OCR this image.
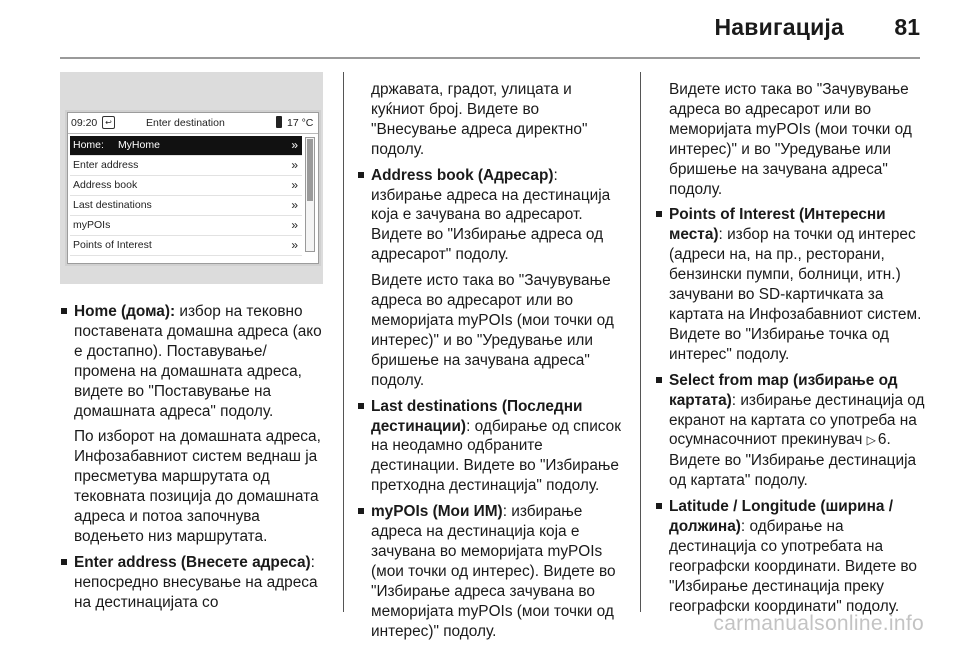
Навигација 81
09:20 ↩	Enter destination	17 °C
Home: MyHome	»
Enter address	»
Address book	»
Last destinations	»
myPOIs	»
Points of Interest	»

Home (дома): избор на тековно поставената домашна адреса (ако е достапно). Поставување/ промена на домашната адреса, видете во "Поставување на домашната адреса" подолу.

По изборот на домашната адреса, Инфозабавниот систем веднаш ја пресметува маршрутата од тековната позиција до домашната адреса и потоа започнува водењето низ маршрутата.

Enter address (Внесете адреса): непосредно внесување на адреса на дестинацијата со

државата, градот, улицата и куќниот број. Видете во "Внесување адреса директно" подолу.

Address book (Адресар): избирање адреса на дестинација која е зачувана во адресарот. Видете во "Избирање адреса од адресарот" подолу.

Видете исто така во "Зачувување адреса во адресарот или во меморијата myPOIs (мои точки од интерес)" и во "Уредување или бришење на зачувана адреса" подолу.

Last destinations (Последни дестинации): одбирање од список на неодамно одбраните дестинации. Видете во "Избирање претходна дестинација" подолу.

myPOIs (Мои ИМ): избирање адреса на дестинација која е зачувана во меморијата myPOIs (мои точки од интерес). Видете во "Избирање адреса зачувана во меморијата myPOIs (мои точки од интерес)" подолу.

Видете исто така во "Зачувување адреса во адресарот или во меморијата myPOIs (мои точки од интерес)" и во "Уредување или бришење на зачувана адреса" подолу.

Points of Interest (Интересни места): избор на точки од интерес (адреси на, на пр., ресторани, бензински пумпи, болници, итн.) зачувани во SD-картичката за картата на Инфозабавниот систем. Видете во "Избирање точка од интерес" подолу.

Select from map (избирање од картата): избирање дестинација од екранот на картата со употреба на осумнасочниот прекинувач ▷ 6. Видете во "Избирање дестинација од картата" подолу.

Latitude / Longitude (ширина / должина): одбирање на дестинација со употребата на географски координати. Видете во "Избирање дестинација преку географски координати" подолу.

carmanualsonline.info
